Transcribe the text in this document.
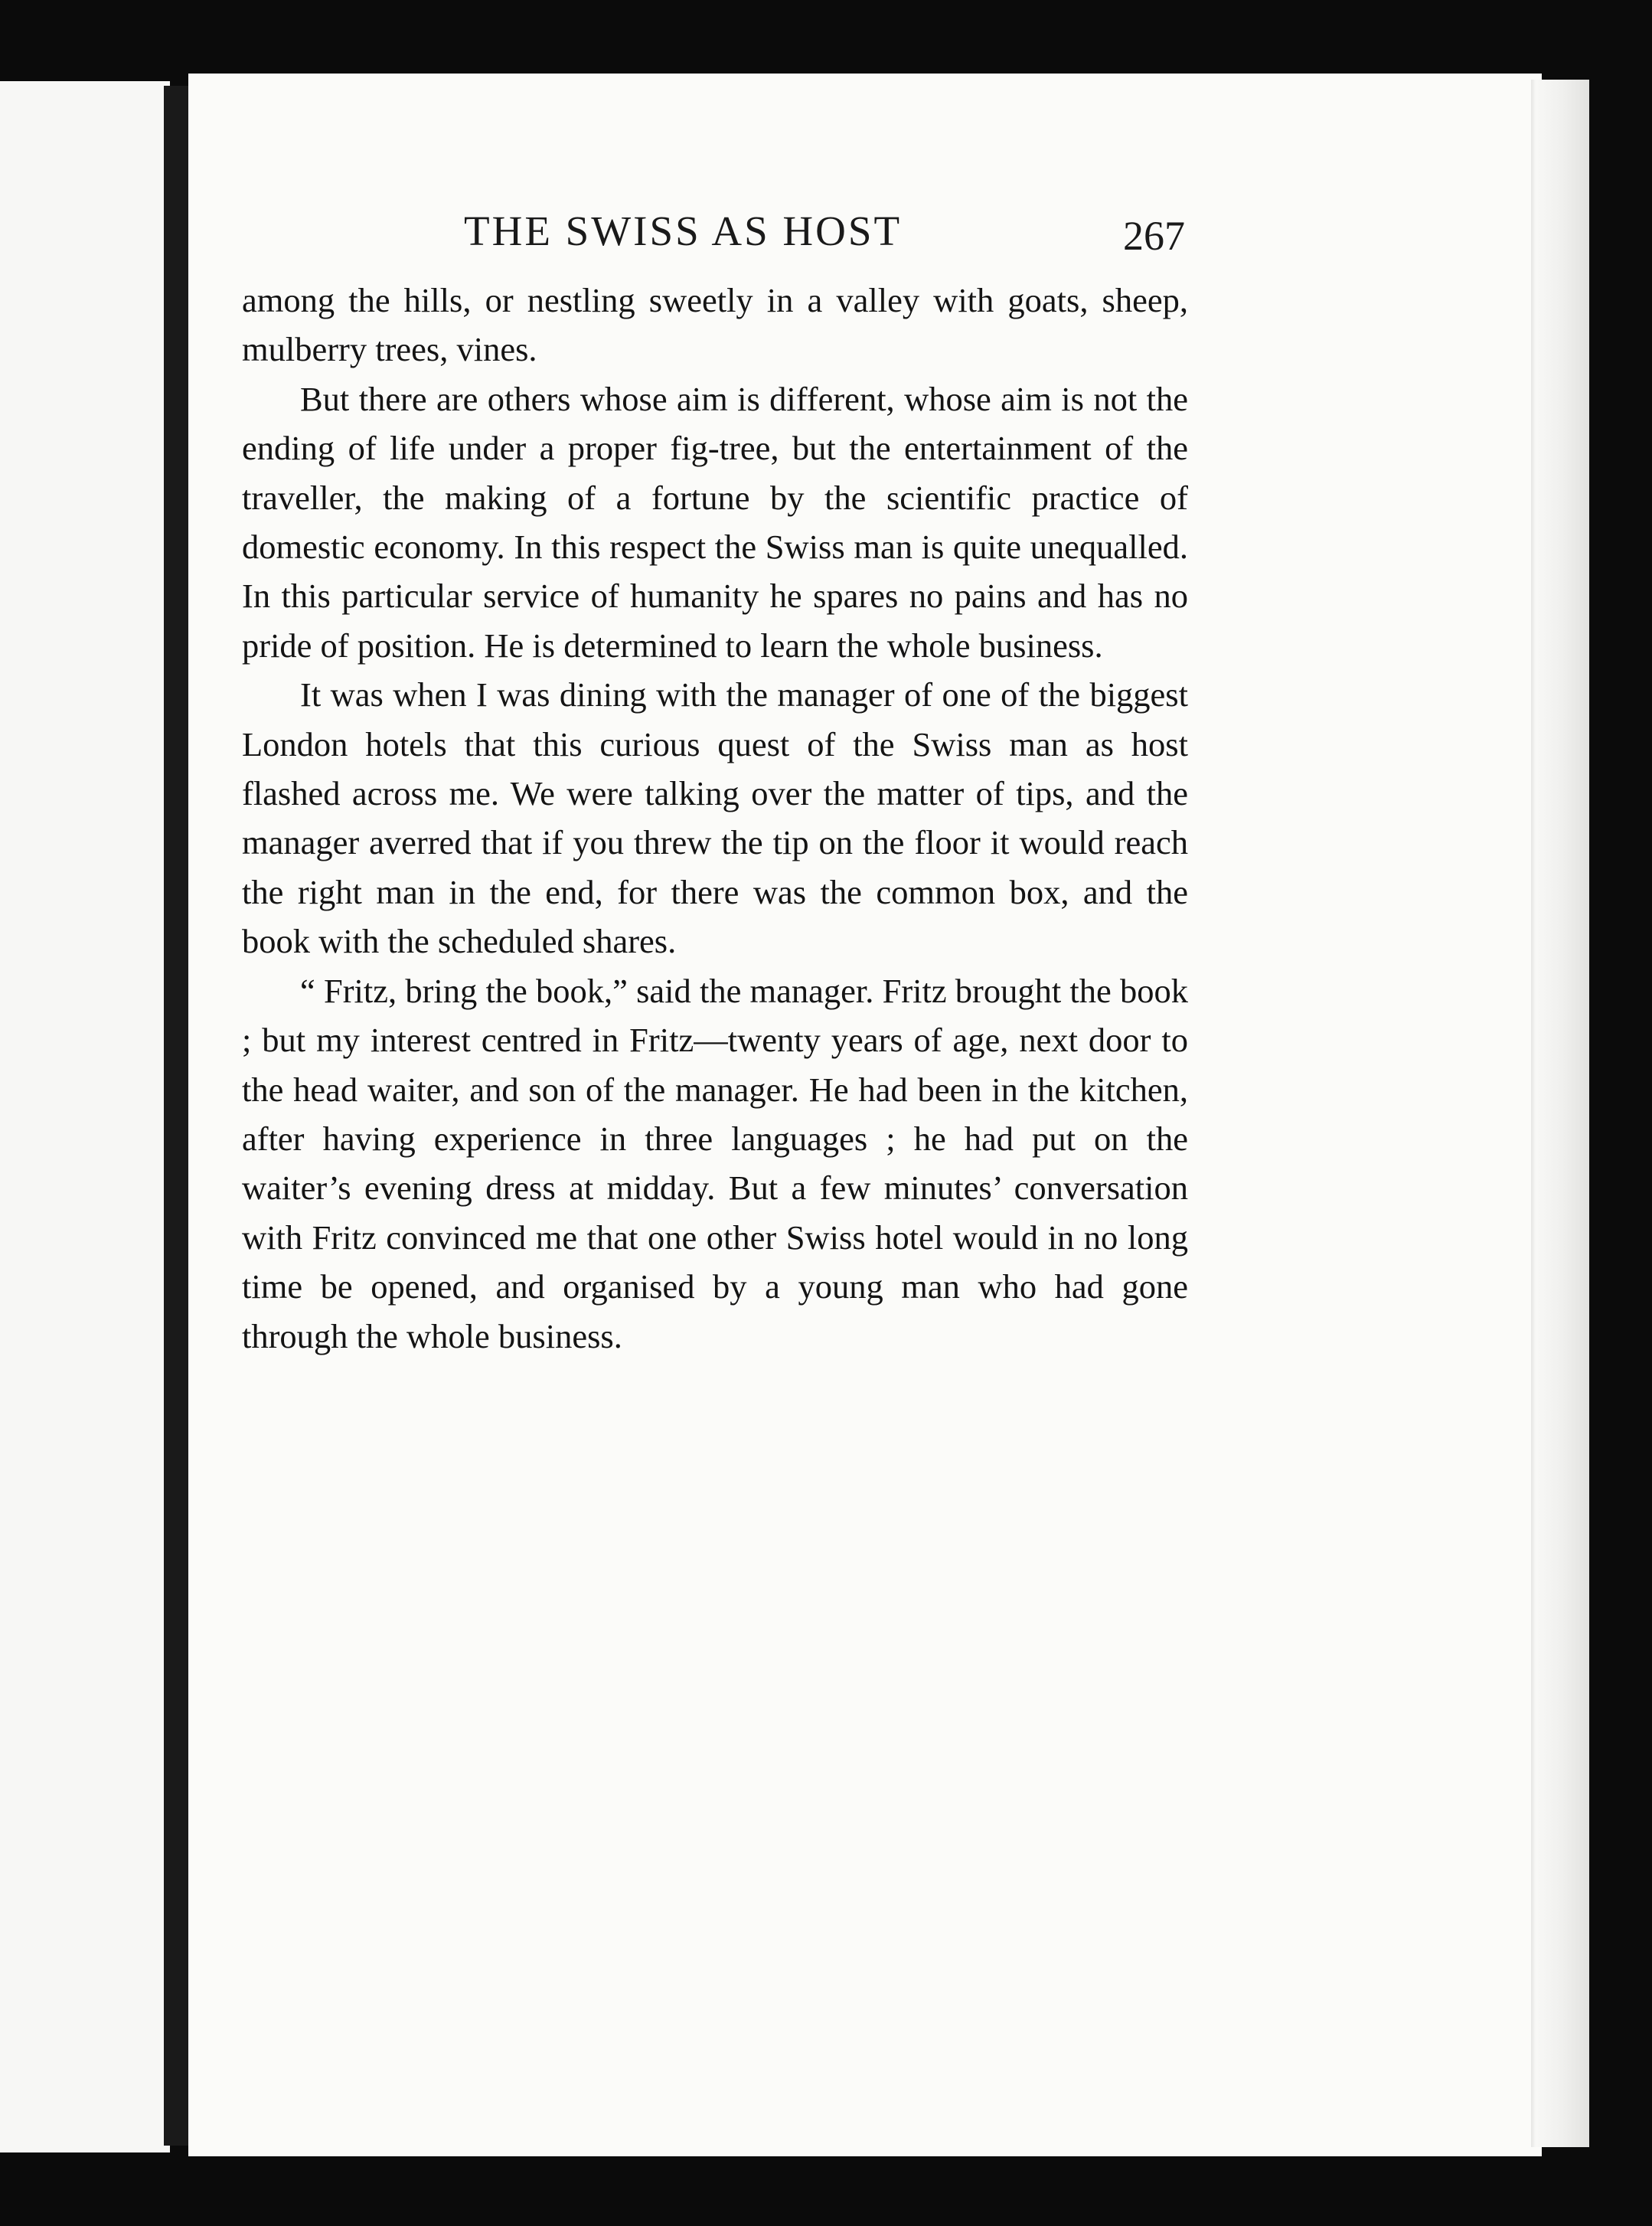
THE SWISS AS HOST	267

among the hills, or nestling sweetly in a valley with goats, sheep, mulberry trees, vines.

But there are others whose aim is different, whose aim is not the ending of life under a proper fig-tree, but the entertainment of the traveller, the making of a fortune by the scientific practice of domestic economy. In this respect the Swiss man is quite unequalled. In this particular service of humanity he spares no pains and has no pride of position. He is determined to learn the whole business.

It was when I was dining with the manager of one of the biggest London hotels that this curious quest of the Swiss man as host flashed across me. We were talking over the matter of tips, and the manager averred that if you threw the tip on the floor it would reach the right man in the end, for there was the common box, and the book with the scheduled shares.

“ Fritz, bring the book,” said the manager. Fritz brought the book ; but my interest centred in Fritz—twenty years of age, next door to the head waiter, and son of the manager. He had been in the kitchen, after having experience in three languages ; he had put on the waiter’s evening dress at midday. But a few minutes’ conversation with Fritz convinced me that one other Swiss hotel would in no long time be opened, and organised by a young man who had gone through the whole business.
